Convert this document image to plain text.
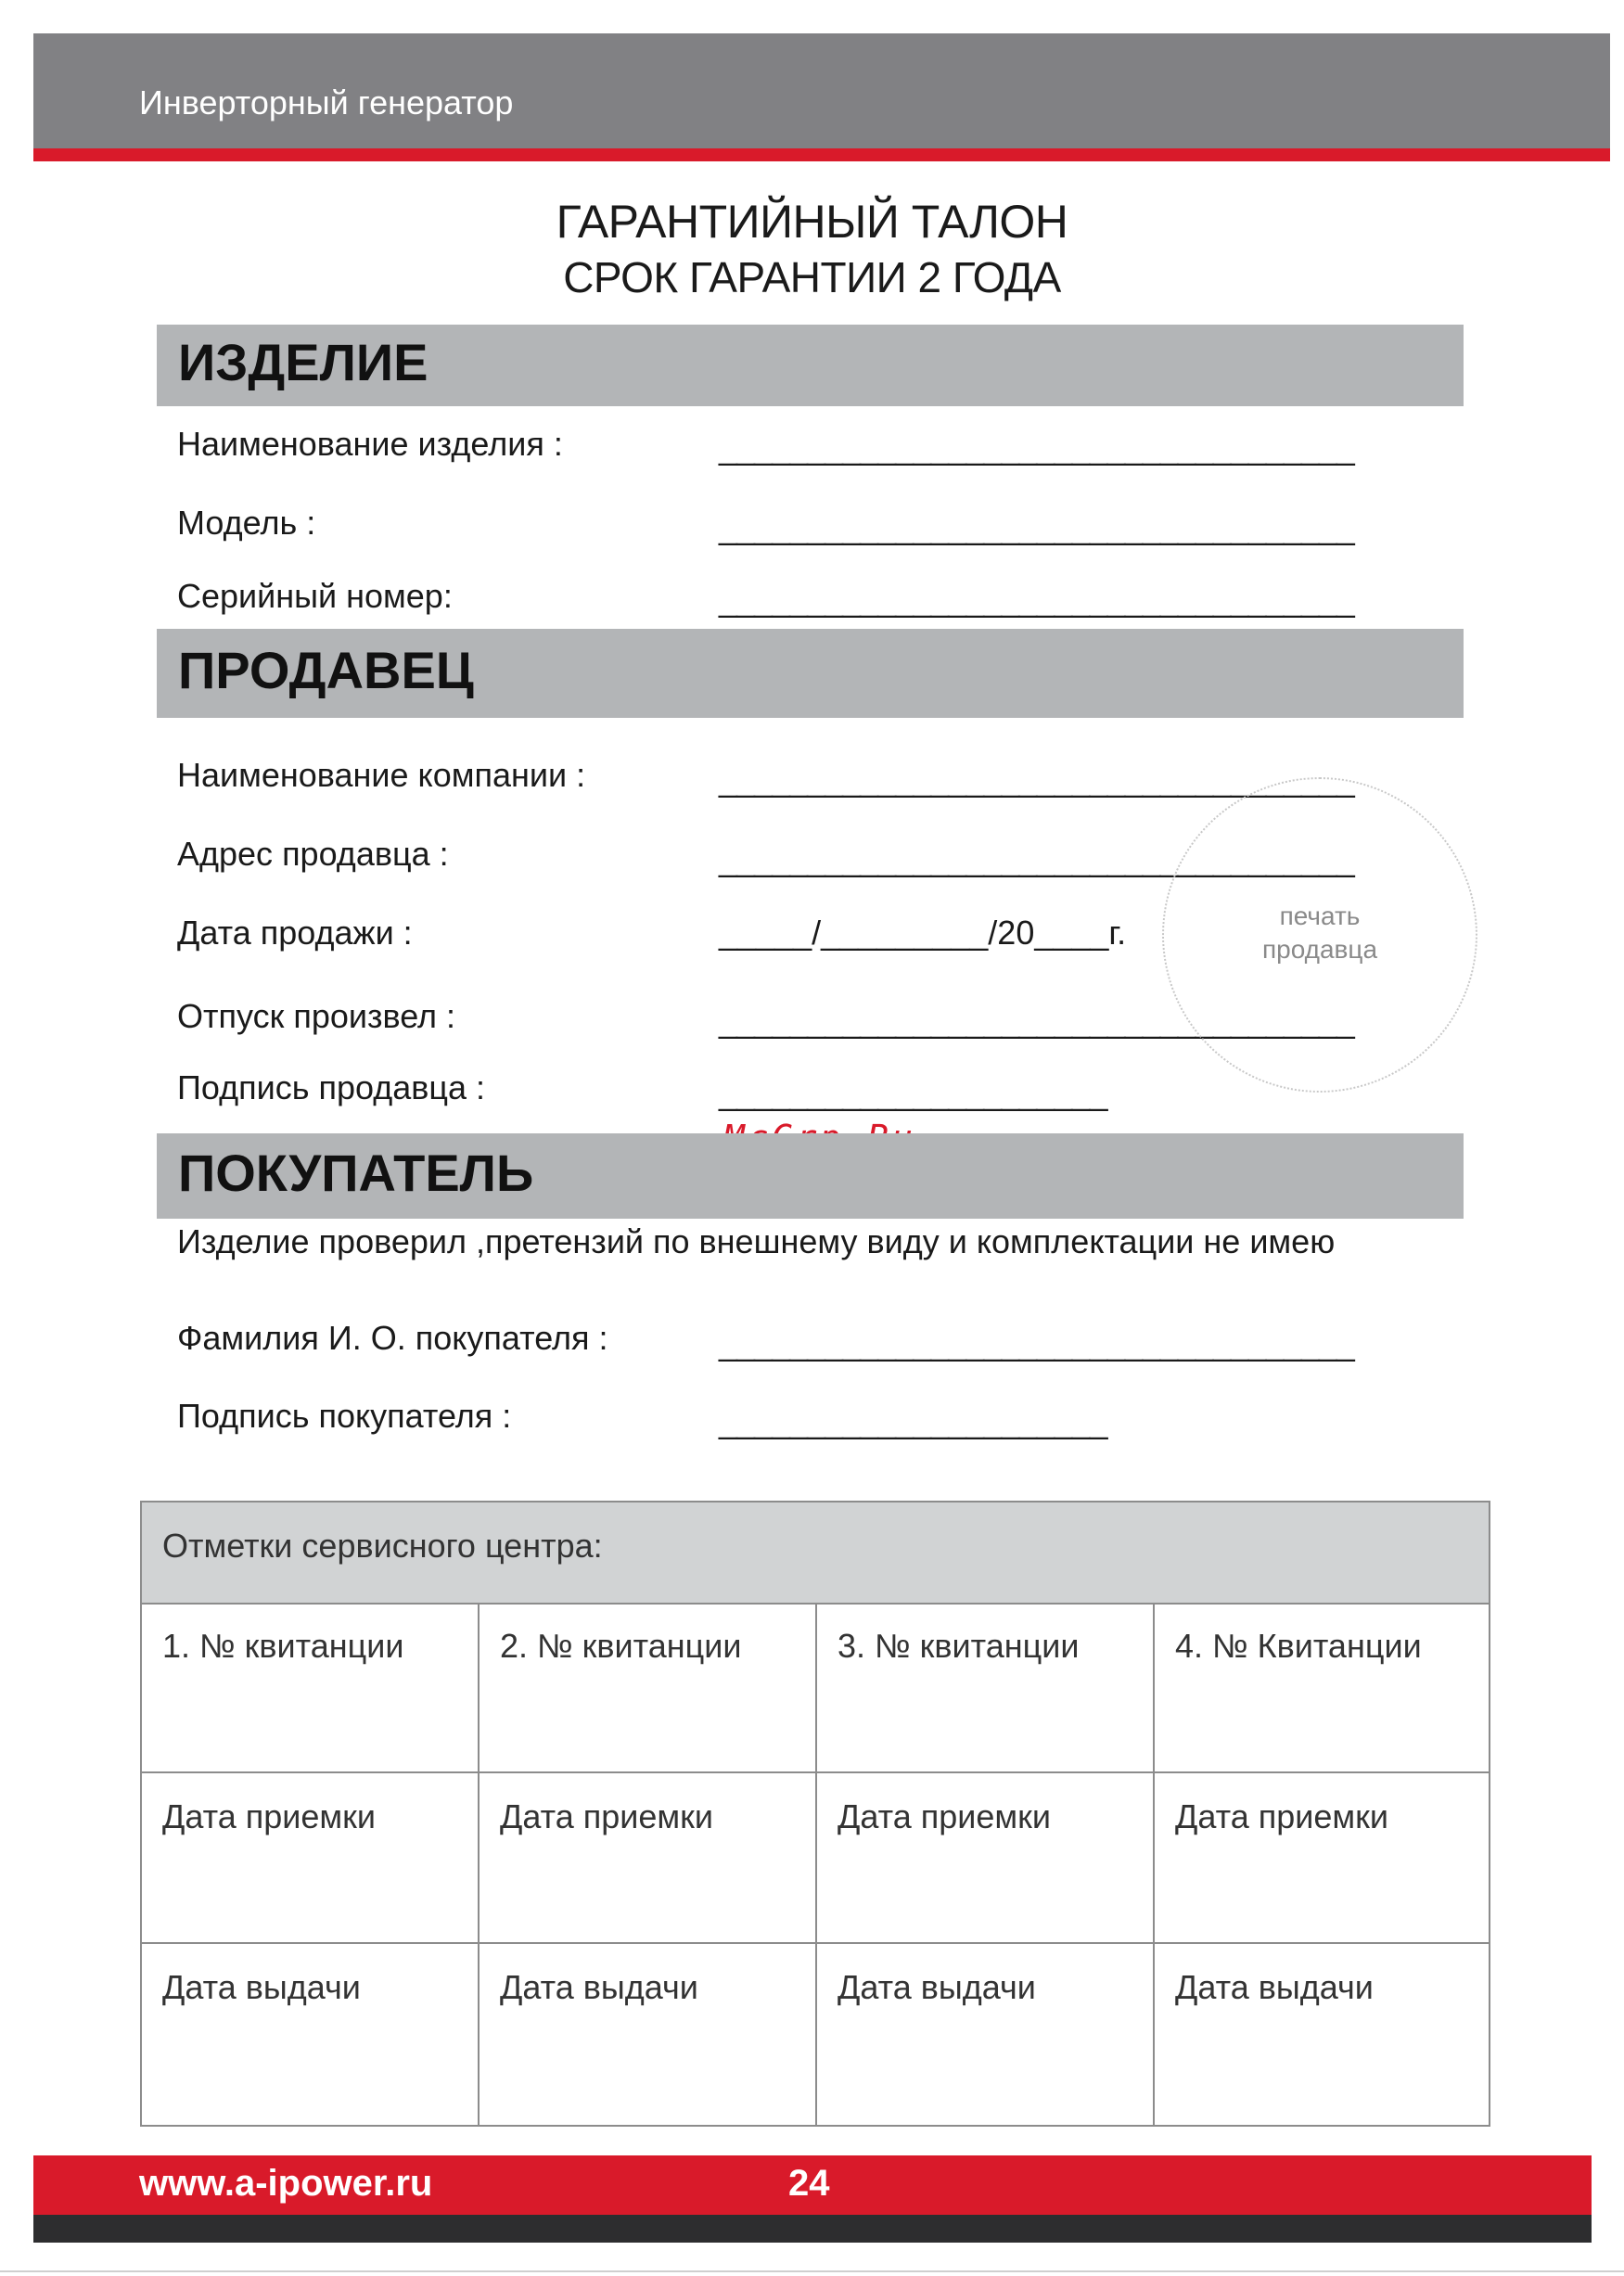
Инверторный генератор
ГАРАНТИЙНЫЙ ТАЛОН
СРОК ГАРАНТИИ 2 ГОДА
ИЗДЕЛИЕ
Наименование изделия :	____________________________________
Модель :	____________________________________
Серийный номер:	____________________________________
ПРОДАВЕЦ
Наименование компании :	____________________________________
Адрес продавца :	____________________________________
Дата продажи :	_____/_________/20____г.
Отпуск произвел :	____________________________________
Подпись продавца :	______________________
печать
продавца
ПОКУПАТЕЛЬ
Изделие проверил ,претензий по внешнему виду и комплектации не имею
Фамилия И. О. покупателя :	____________________________________
Подпись покупателя :	______________________
Отметки сервисного центра:
1. № квитанции	2. № квитанции	3. № квитанции	4. № Квитанции
Дата приемки	Дата приемки	Дата приемки	Дата приемки
Дата выдачи	Дата выдачи	Дата выдачи	Дата выдачи
www.a-ipower.ru	24
